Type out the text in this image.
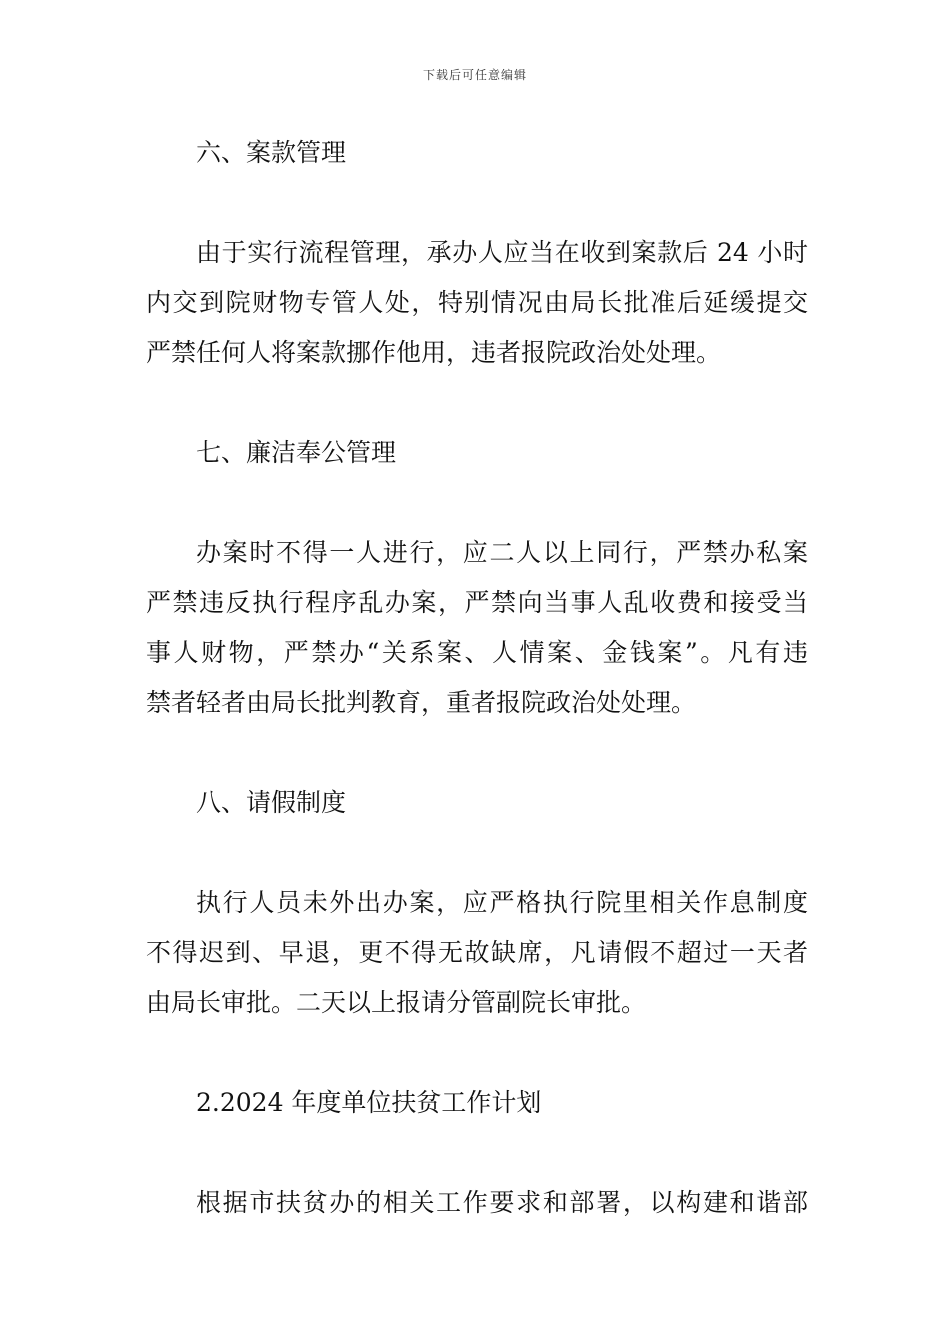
下载后可任意编辑
六、案款管理
由于实行流程管理，承办人应当在收到案款后 24 小时
内交到院财物专管人处，特别情况由局长批准后延缓提交
严禁任何人将案款挪作他用，违者报院政治处处理。
七、廉洁奉公管理
办案时不得一人进行，应二人以上同行，严禁办私案
严禁违反执行程序乱办案，严禁向当事人乱收费和接受当
事人财物，严禁办“关系案、人情案、金钱案”。凡有违
禁者轻者由局长批判教育，重者报院政治处处理。
八、请假制度
执行人员未外出办案，应严格执行院里相关作息制度
不得迟到、早退，更不得无故缺席，凡请假不超过一天者
由局长审批。二天以上报请分管副院长审批。
2.2024 年度单位扶贫工作计划
根据市扶贫办的相关工作要求和部署，以构建和谐部
